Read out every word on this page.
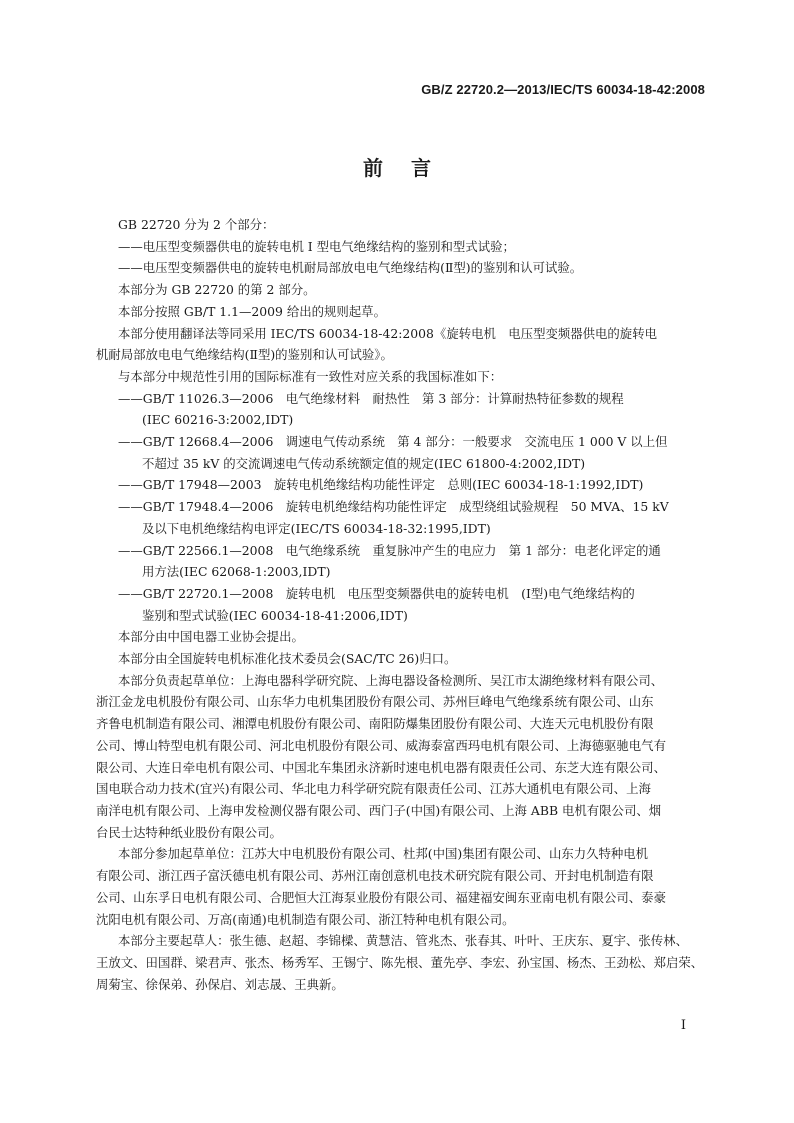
GB/Z 22720.2—2013/IEC/TS 60034-18-42:2008
前言
GB 22720 分为 2 个部分：
——电压型变频器供电的旋转电机 Ⅰ 型电气绝缘结构的鉴别和型式试验；
——电压型变频器供电的旋转电机耐局部放电电气绝缘结构(Ⅱ型)的鉴别和认可试验。
本部分为 GB 22720 的第 2 部分。
本部分按照 GB/T 1.1—2009 给出的规则起草。
本部分使用翻译法等同采用 IEC/TS 60034-18-42:2008《旋转电机　电压型变频器供电的旋转电
机耐局部放电电气绝缘结构(Ⅱ型)的鉴别和认可试验》。
与本部分中规范性引用的国际标准有一致性对应关系的我国标准如下：
——GB/T 11026.3—2006　电气绝缘材料　耐热性　第 3 部分：计算耐热特征参数的规程
(IEC 60216-3:2002,IDT)
——GB/T 12668.4—2006　调速电气传动系统　第 4 部分：一般要求　交流电压 1 000 V 以上但
不超过 35 kV 的交流调速电气传动系统额定值的规定(IEC 61800-4:2002,IDT)
——GB/T 17948—2003　旋转电机绝缘结构功能性评定　总则(IEC 60034-18-1:1992,IDT)
——GB/T 17948.4—2006　旋转电机绝缘结构功能性评定　成型绕组试验规程　50 MVA、15 kV
及以下电机绝缘结构电评定(IEC/TS 60034-18-32:1995,IDT)
——GB/T 22566.1—2008　电气绝缘系统　重复脉冲产生的电应力　第 1 部分：电老化评定的通
用方法(IEC 62068-1:2003,IDT)
——GB/T 22720.1—2008　旋转电机　电压型变频器供电的旋转电机　(Ⅰ型)电气绝缘结构的
鉴别和型式试验(IEC 60034-18-41:2006,IDT)
本部分由中国电器工业协会提出。
本部分由全国旋转电机标准化技术委员会(SAC/TC 26)归口。
本部分负责起草单位：上海电器科学研究院、上海电器设备检测所、吴江市太湖绝缘材料有限公司、
浙江金龙电机股份有限公司、山东华力电机集团股份有限公司、苏州巨峰电气绝缘系统有限公司、山东
齐鲁电机制造有限公司、湘潭电机股份有限公司、南阳防爆集团股份有限公司、大连天元电机股份有限
公司、博山特型电机有限公司、河北电机股份有限公司、威海泰富西玛电机有限公司、上海德驱驰电气有
限公司、大连日牵电机有限公司、中国北车集团永济新时速电机电器有限责任公司、东芝大连有限公司、
国电联合动力技术(宜兴)有限公司、华北电力科学研究院有限责任公司、江苏大通机电有限公司、上海
南洋电机有限公司、上海申发检测仪器有限公司、西门子(中国)有限公司、上海 ABB 电机有限公司、烟
台民士达特种纸业股份有限公司。
本部分参加起草单位：江苏大中电机股份有限公司、杜邦(中国)集团有限公司、山东力久特种电机
有限公司、浙江西子富沃德电机有限公司、苏州江南创意机电技术研究院有限公司、开封电机制造有限
公司、山东孚日电机有限公司、合肥恒大江海泵业股份有限公司、福建福安闽东亚南电机有限公司、泰豪
沈阳电机有限公司、万高(南通)电机制造有限公司、浙江特种电机有限公司。
本部分主要起草人：张生德、赵超、李锦樑、黄慧洁、管兆杰、张春其、叶叶、王庆东、夏宇、张传林、
王放文、田国群、梁君声、张杰、杨秀军、王锡宁、陈先根、董先亭、李宏、孙宝国、杨杰、王劲松、郑启荣、
周菊宝、徐保弟、孙保启、刘志晟、王典新。
I
